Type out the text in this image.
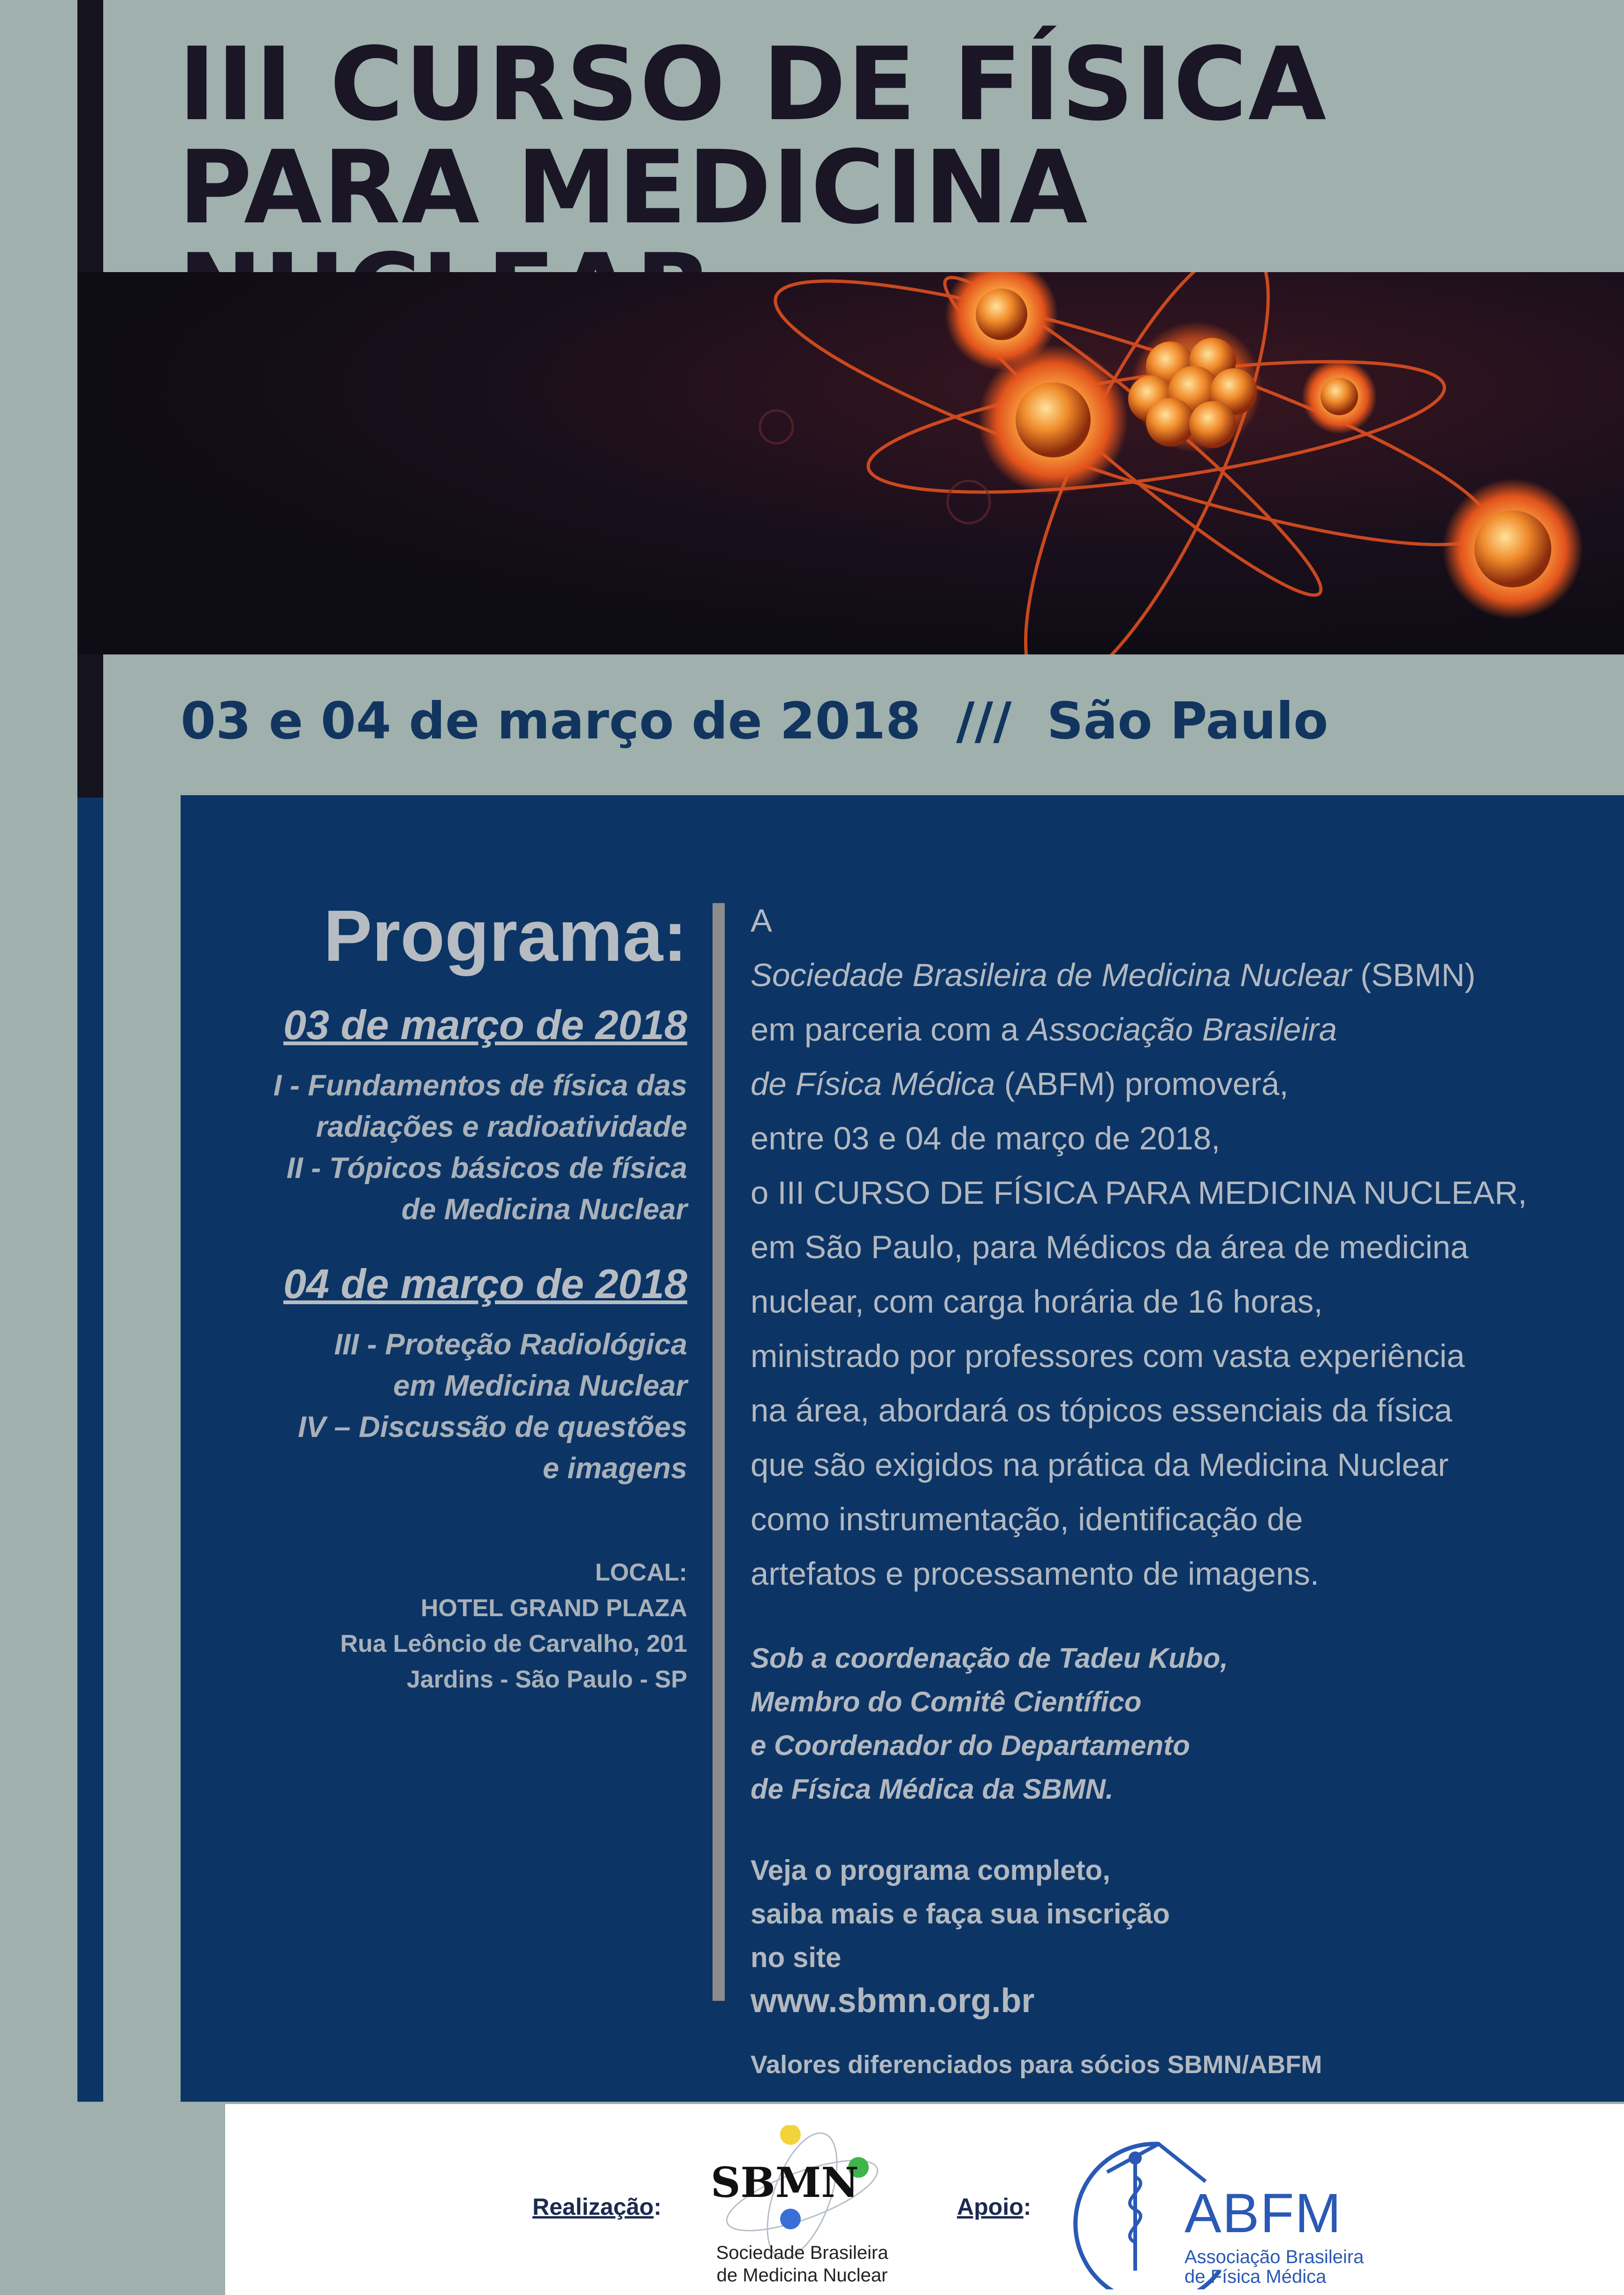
III CURSO DE FÍSICA
PARA MEDICINA
03 e 04 de março de 2018  ///  São Paulo
Programa:
03 de março de 2018

I - Fundamentos de física das

radiações e radioatividade

II - Tópicos básicos de física

de Medicina Nuclear

04 de março de 2018

III - Proteção Radiológica

em Medicina Nuclear

IV – Discussão de questões

e imagens

LOCAL:
HOTEL GRAND PLAZA
Rua Leôncio de Carvalho, 201
Jardins - São Paulo - SP

A
Sociedade Brasileira de Medicina Nuclear (SBMN)
em parceria com a Associação Brasileira
de Física Médica (ABFM) promoverá,
entre 03 e 04 de março de 2018,
o III CURSO DE FÍSICA PARA MEDICINA NUCLEAR,
em São Paulo, para Médicos da área de medicina
nuclear, com carga horária de 16 horas,
ministrado por professores com vasta experiência
na área, abordará os tópicos essenciais da física
que são exigidos na prática da Medicina Nuclear
como instrumentação, identificação de
artefatos e processamento de imagens.

Sob a coordenação de Tadeu Kubo,
Membro do Comitê Científico
e Coordenador do Departamento
de Física Médica da SBMN.
Veja o programa completo,
saiba mais e faça sua inscrição
no site
www.sbmn.org.br
Valores diferenciados para sócios SBMN/ABFM
Realização: SBMN
Sociedade Brasileira
de Medicina Nuclear
Apoio:	ABFM
Associação Brasileira
de Física Médica
